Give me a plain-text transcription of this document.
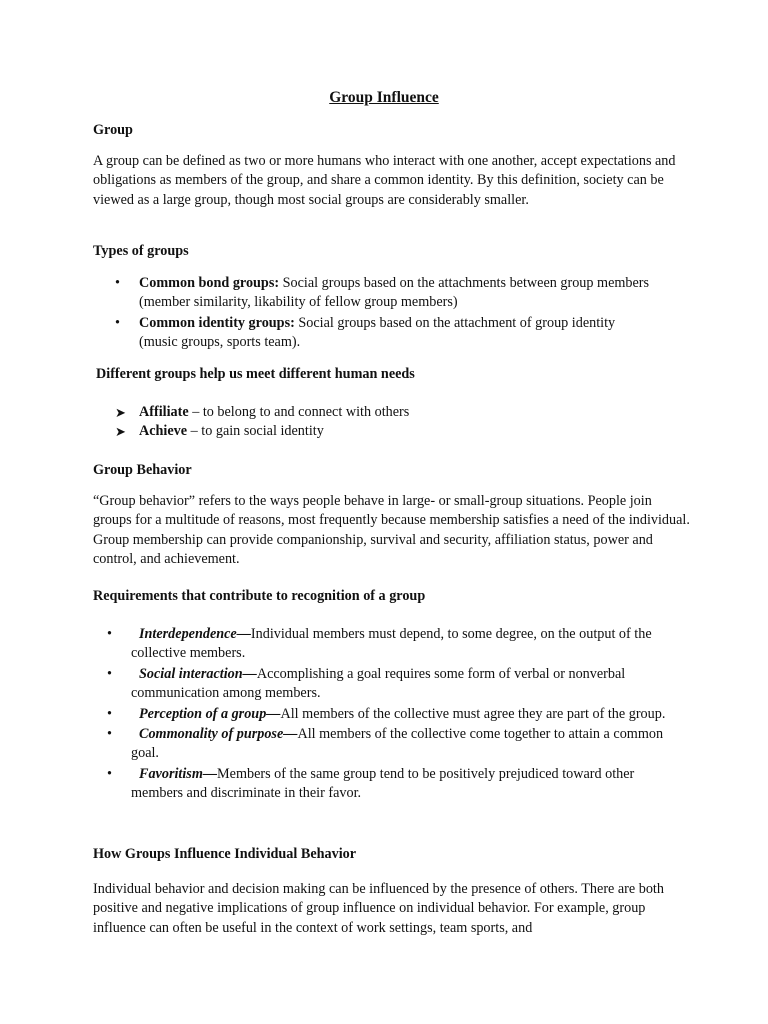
Group Influence
Group

A group can be defined as two or more humans who interact with one another, accept expectations and obligations as members of the group, and share a common identity. By this definition, society can be viewed as a large group, though most social groups are considerably smaller.

Types of groups
• Common bond groups: Social groups based on the attachments between group members (member similarity, likability of fellow group members)
• Common identity groups: Social groups based on the attachment of group identity (music groups, sports team).
Different groups help us meet different human needs
➤ Affiliate – to belong to and connect with others
➤ Achieve – to gain social identity
Group Behavior

“Group behavior” refers to the ways people behave in large- or small-group situations. People join groups for a multitude of reasons, most frequently because membership satisfies a need of the individual. Group membership can provide companionship, survival and security, affiliation status, power and control, and achievement.

Requirements that contribute to recognition of a group
• Interdependence—Individual members must depend, to some degree, on the output of the collective members.
• Social interaction—Accomplishing a goal requires some form of verbal or nonverbal communication among members.
• Perception of a group—All members of the collective must agree they are part of the group.
• Commonality of purpose—All members of the collective come together to attain a common goal.
• Favoritism—Members of the same group tend to be positively prejudiced toward other members and discriminate in their favor.
How Groups Influence Individual Behavior

Individual behavior and decision making can be influenced by the presence of others. There are both positive and negative implications of group influence on individual behavior. For example, group influence can often be useful in the context of work settings, team sports, and
